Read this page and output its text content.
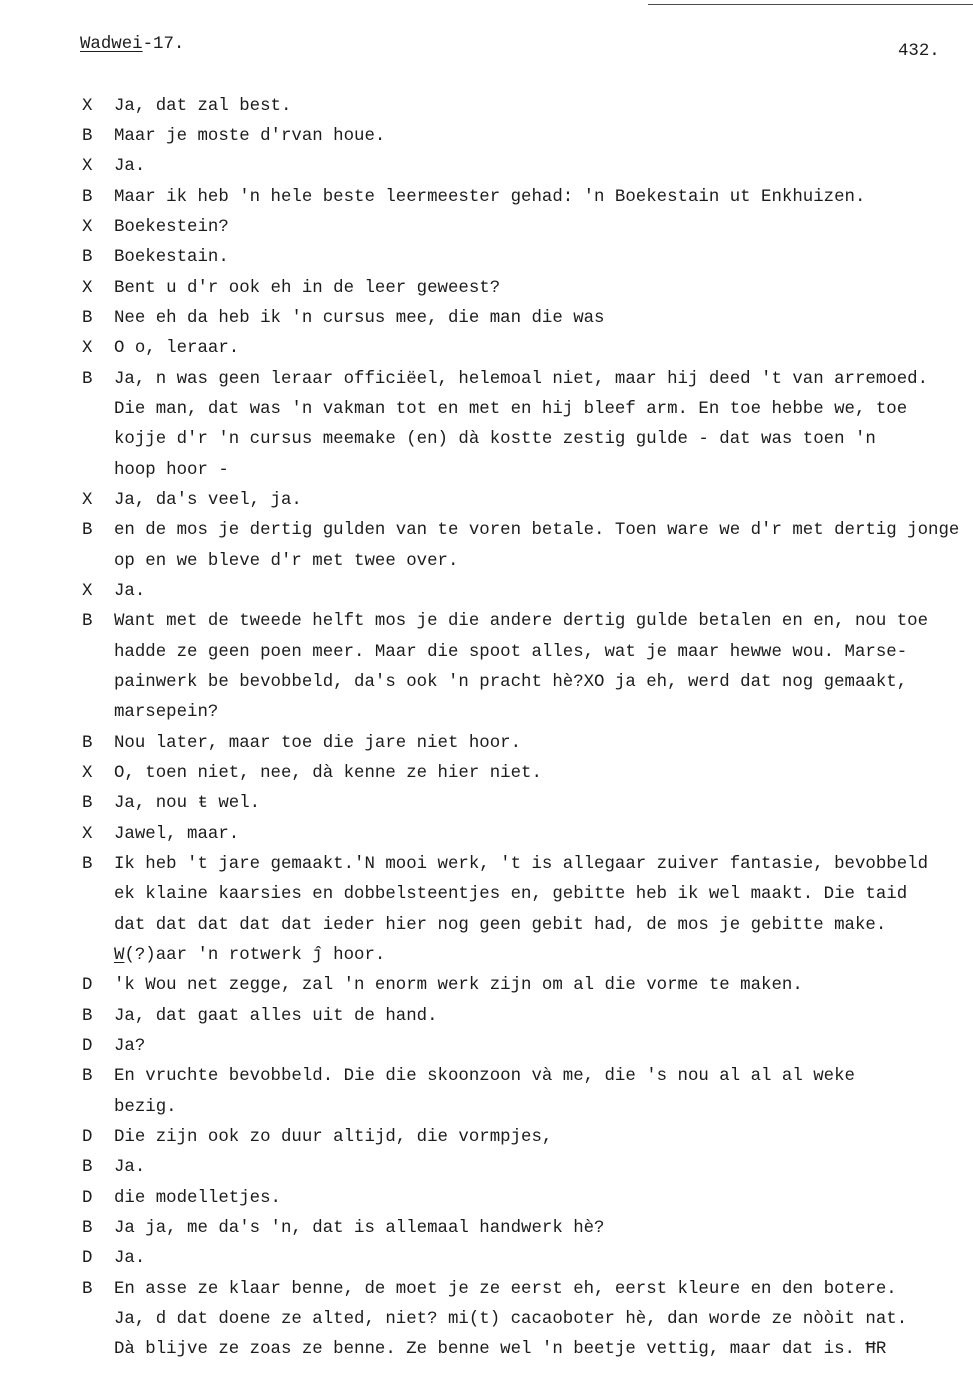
Wadwei-17.	432.
X Ja, dat zal best.
B Maar je moste d'rvan houe.
X Ja.
B Maar ik heb 'n hele beste leermeester gehad: 'n Boekestain ut Enkhuizen.
X Boekestein?
B Boekestain.
X Bent u d'r ook eh in de leer geweest?
B Nee eh da heb ik 'n cursus mee, die man die was
X O o, leraar.
B Ja, n was geen leraar officiëel, helemoal niet, maar hij deed 't van arremoed.
Die man, dat was 'n vakman tot en met en hij bleef arm. En toe hebbe we, toe
kojje d'r 'n cursus meemake (en) dà kostte zestig gulde - dat was toen 'n
hoop hoor -
X Ja, da's veel, ja.
B en de mos je dertig gulden van te voren betale. Toen ware we d'r met dertig jonge
op en we bleve d'r met twee over.
X Ja.
B Want met de tweede helft mos je die andere dertig gulde betalen en en, nou toe
hadde ze geen poen meer. Maar die spoot alles, wat je maar hewwe wou. Marse-
painwerk be bevobbeld, da's ook 'n pracht hè?XO ja eh, werd dat nog gemaakt,
marsepein?
B Nou later, maar toe die jare niet hoor.
X O, toen niet, nee, dà kenne ze hier niet.
B Ja, nou ŧ wel.
X Jawel, maar.
B Ik heb 't jare gemaakt.'N mooi werk, 't is allegaar zuiver fantasie, bevobbeld
ek klaine kaarsies en dobbelsteentjes en, gebitte heb ik wel maakt. Die taid
dat dat dat dat dat ieder hier nog geen gebit had, de mos je gebitte make.
W(?)aar 'n rotwerk ĵ hoor.
D 'k Wou net zegge, zal 'n enorm werk zijn om al die vorme te maken.
B Ja, dat gaat alles uit de hand.
D Ja?
B En vruchte bevobbeld. Die die skoonzoon và me, die 's nou al al al weke
bezig.
D Die zijn ook zo duur altijd, die vormpjes,
B Ja.
D die modelletjes.
B Ja ja, me da's 'n, dat is allemaal handwerk hè?
D Ja.
B En asse ze klaar benne, de moet je ze eerst eh, eerst kleure en den botere.
Ja, d dat doene ze alted, niet? mi(t) cacaoboter hè, dan worde ze nòòit nat.
Dà blijve ze zoas ze benne. Ze benne wel 'n beetje vettig, maar dat is. ĦR
